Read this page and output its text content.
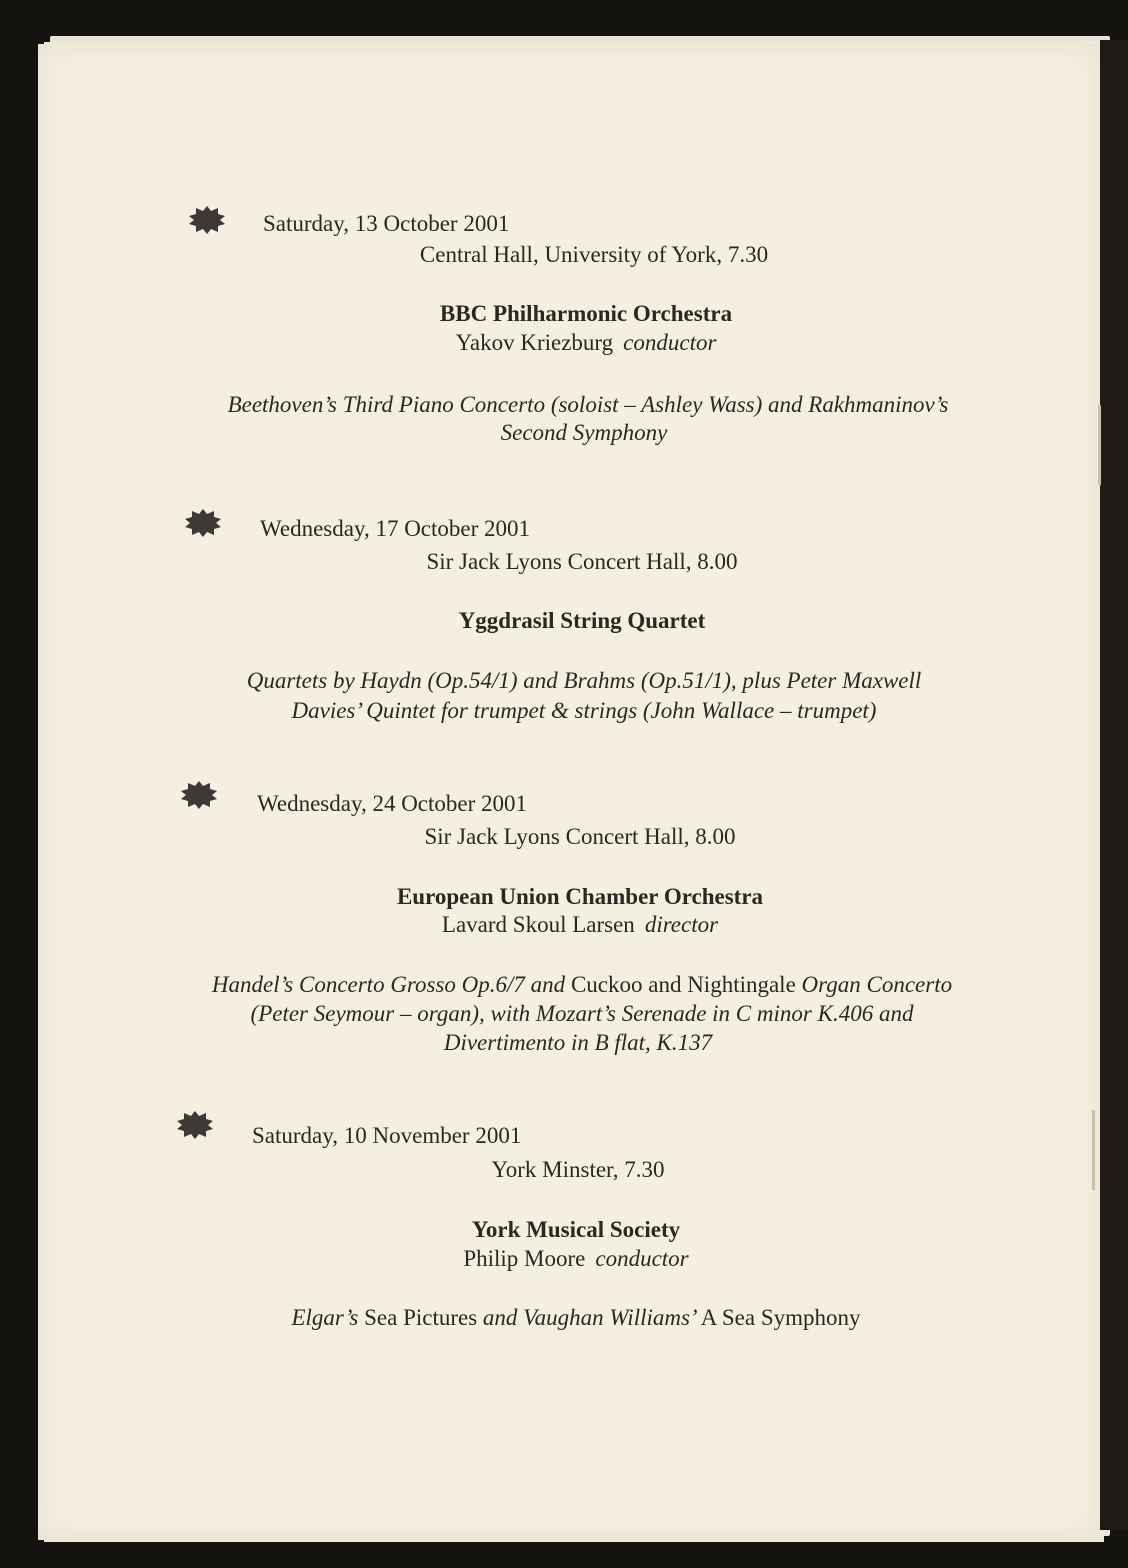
Saturday, 13 October 2001
Central Hall, University of York, 7.30
BBC Philharmonic Orchestra
Yakov Kriezburg conductor
Beethoven’s Third Piano Concerto (soloist – Ashley Wass) and Rakhmaninov’s
Second Symphony
Wednesday, 17 October 2001
Sir Jack Lyons Concert Hall, 8.00
Yggdrasil String Quartet
Quartets by Haydn (Op.54/1) and Brahms (Op.51/1), plus Peter Maxwell
Davies’ Quintet for trumpet & strings (John Wallace – trumpet)
Wednesday, 24 October 2001
Sir Jack Lyons Concert Hall, 8.00
European Union Chamber Orchestra
Lavard Skoul Larsen director
Handel’s Concerto Grosso Op.6/7 and Cuckoo and Nightingale Organ Concerto
(Peter Seymour – organ), with Mozart’s Serenade in C minor K.406 and
Divertimento in B flat, K.137
Saturday, 10 November 2001
York Minster, 7.30
York Musical Society
Philip Moore conductor
Elgar’s Sea Pictures and Vaughan Williams’ A Sea Symphony
